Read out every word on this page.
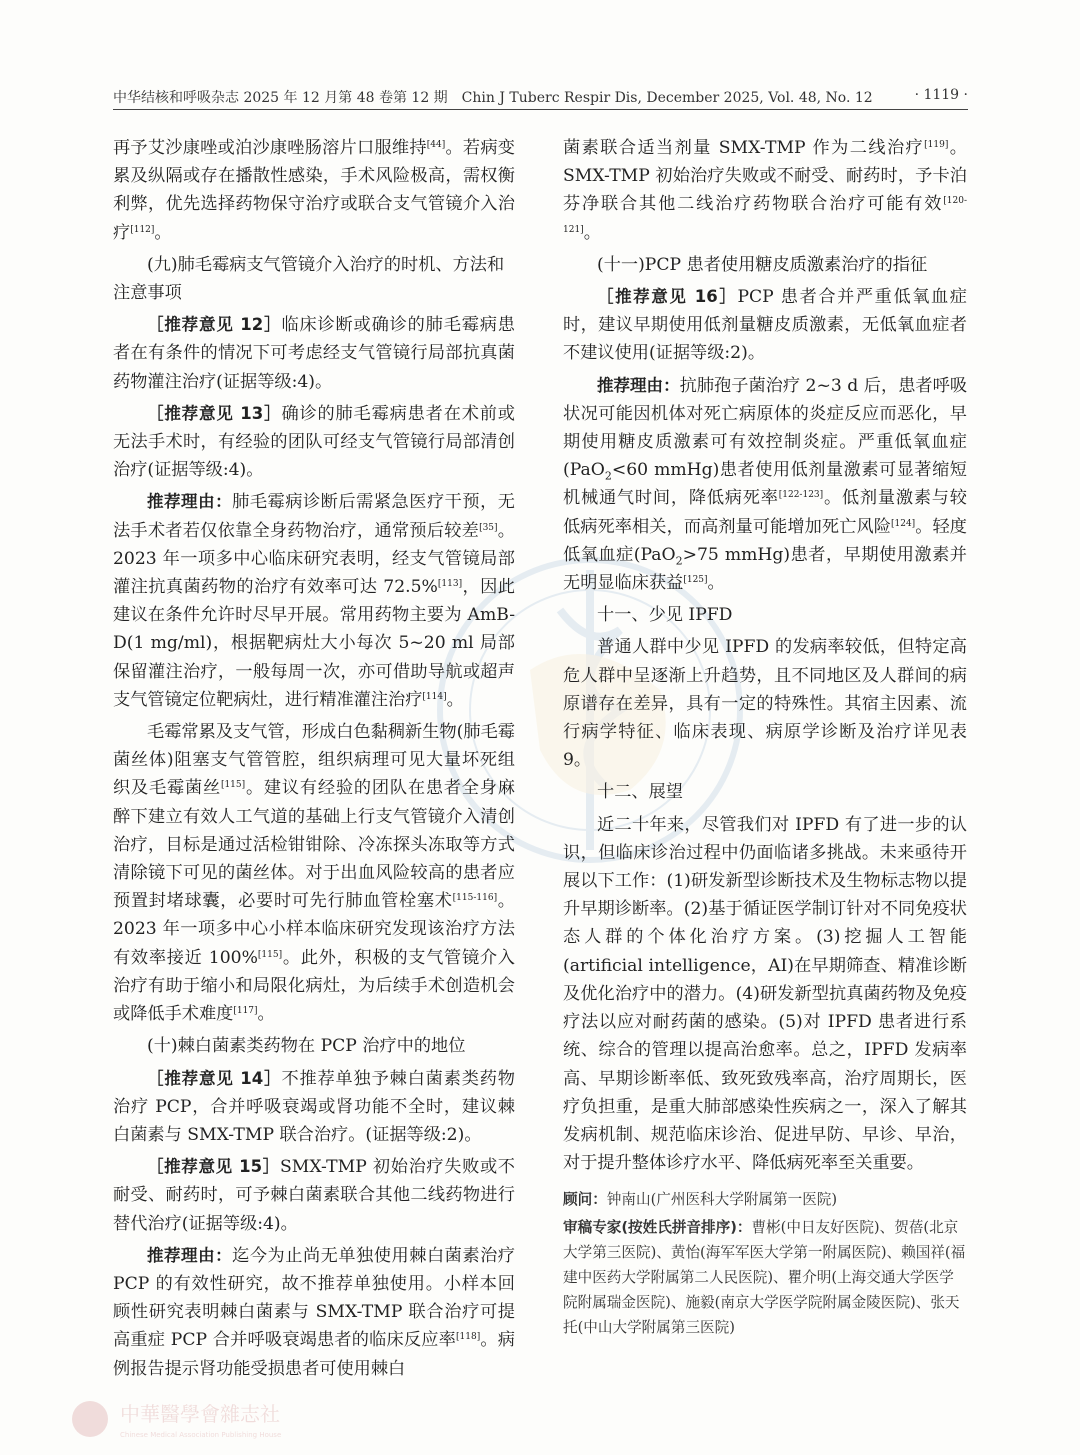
中华结核和呼吸杂志 2025 年 12 月第 48 卷第 12 期　Chin J Tuberc Respir Dis, December 2025, Vol. 48, No. 12	· 1119 ·

再予艾沙康唑或泊沙康唑肠溶片口服维持[44]。若病变累及纵隔或存在播散性感染，手术风险极高，需权衡利弊，优先选择药物保守治疗或联合支气管镜介入治疗[112]。

(九)肺毛霉病支气管镜介入治疗的时机、方法和注意事项

［推荐意见 12］临床诊断或确诊的肺毛霉病患者在有条件的情况下可考虑经支气管镜行局部抗真菌药物灌注治疗(证据等级:4)。

［推荐意见 13］确诊的肺毛霉病患者在术前或无法手术时，有经验的团队可经支气管镜行局部清创治疗(证据等级:4)。

推荐理由：肺毛霉病诊断后需紧急医疗干预，无法手术者若仅依靠全身药物治疗，通常预后较差[35]。2023 年一项多中心临床研究表明，经支气管镜局部灌注抗真菌药物的治疗有效率可达 72.5%[113]，因此建议在条件允许时尽早开展。常用药物主要为 AmB-D(1 mg/ml)，根据靶病灶大小每次 5~20 ml 局部保留灌注治疗，一般每周一次，亦可借助导航或超声支气管镜定位靶病灶，进行精准灌注治疗[114]。

毛霉常累及支气管，形成白色黏稠新生物(肺毛霉菌丝体)阻塞支气管管腔，组织病理可见大量坏死组织及毛霉菌丝[115]。建议有经验的团队在患者全身麻醉下建立有效人工气道的基础上行支气管镜介入清创治疗，目标是通过活检钳钳除、冷冻探头冻取等方式清除镜下可见的菌丝体。对于出血风险较高的患者应预置封堵球囊，必要时可先行肺血管栓塞术[115-116]。2023 年一项多中心小样本临床研究发现该治疗方法有效率接近 100%[115]。此外，积极的支气管镜介入治疗有助于缩小和局限化病灶，为后续手术创造机会或降低手术难度[117]。

(十)棘白菌素类药物在 PCP 治疗中的地位

［推荐意见 14］不推荐单独予棘白菌素类药物治疗 PCP，合并呼吸衰竭或肾功能不全时，建议棘白菌素与 SMX-TMP 联合治疗。(证据等级:2)。

［推荐意见 15］SMX-TMP 初始治疗失败或不耐受、耐药时，可予棘白菌素联合其他二线药物进行替代治疗(证据等级:4)。

推荐理由：迄今为止尚无单独使用棘白菌素治疗 PCP 的有效性研究，故不推荐单独使用。小样本回顾性研究表明棘白菌素与 SMX-TMP 联合治疗可提高重症 PCP 合并呼吸衰竭患者的临床反应率[118]。病例报告提示肾功能受损患者可使用棘白

菌素联合适当剂量 SMX-TMP 作为二线治疗[119]。SMX-TMP 初始治疗失败或不耐受、耐药时，予卡泊芬净联合其他二线治疗药物联合治疗可能有效[120-121]。

(十一)PCP 患者使用糖皮质激素治疗的指征

［推荐意见 16］PCP 患者合并严重低氧血症时，建议早期使用低剂量糖皮质激素，无低氧血症者不建议使用(证据等级:2)。

推荐理由：抗肺孢子菌治疗 2~3 d 后，患者呼吸状况可能因机体对死亡病原体的炎症反应而恶化，早期使用糖皮质激素可有效控制炎症。严重低氧血症(PaO$_2$<60 mmHg)患者使用低剂量激素可显著缩短机械通气时间，降低病死率[122-123]。低剂量激素与较低病死率相关，而高剂量可能增加死亡风险[124]。轻度低氧血症(PaO$_2$>75 mmHg)患者，早期使用激素并无明显临床获益[125]。

十一、少见 IPFD

普通人群中少见 IPFD 的发病率较低，但特定高危人群中呈逐渐上升趋势，且不同地区及人群间的病原谱存在差异，具有一定的特殊性。其宿主因素、流行病学特征、临床表现、病原学诊断及治疗详见表 9。

十二、展望

近二十年来，尽管我们对 IPFD 有了进一步的认识，但临床诊治过程中仍面临诸多挑战。未来亟待开展以下工作：(1)研发新型诊断技术及生物标志物以提升早期诊断率。(2)基于循证医学制订针对不同免疫状态人群的个体化治疗方案。(3)挖掘人工智能(artificial intelligence，AI)在早期筛查、精准诊断及优化治疗中的潜力。(4)研发新型抗真菌药物及免疫疗法以应对耐药菌的感染。(5)对 IPFD 患者进行系统、综合的管理以提高治愈率。总之，IPFD 发病率高、早期诊断率低、致死致残率高，治疗周期长，医疗负担重，是重大肺部感染性疾病之一，深入了解其发病机制、规范临床诊治、促进早防、早诊、早治，对于提升整体诊疗水平、降低病死率至关重要。

顾问：钟南山(广州医科大学附属第一医院)
审稿专家(按姓氏拼音排序)：曹彬(中日友好医院)、贺蓓(北京大学第三医院)、黄怡(海军军医大学第一附属医院)、赖国祥(福建中医药大学附属第二人民医院)、瞿介明(上海交通大学医学院附属瑞金医院)、施毅(南京大学医学院附属金陵医院)、张天托(中山大学附属第三医院)
中華醫學會雜志社
Chinese Medical Association Publishing House
